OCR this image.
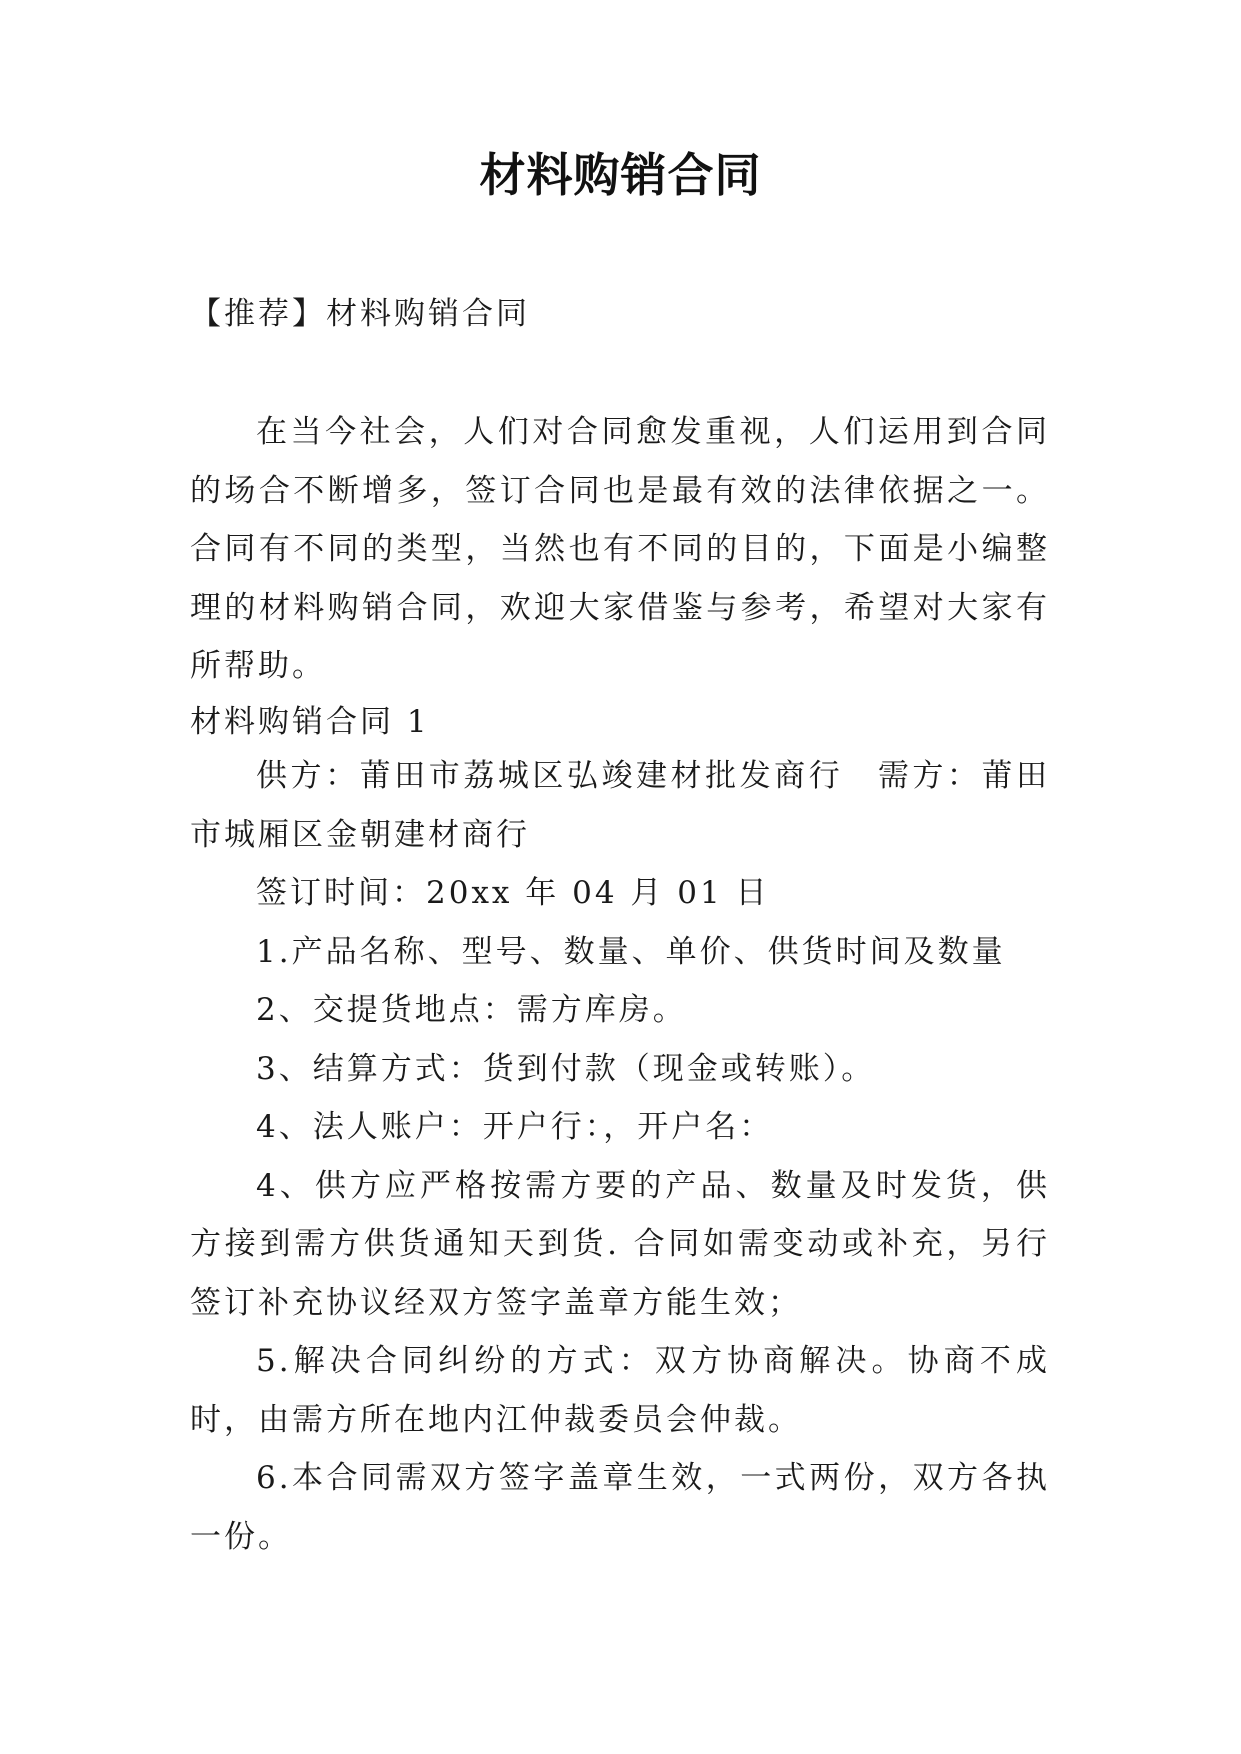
材料购销合同
【推荐】材料购销合同
在当今社会，人们对合同愈发重视，人们运用到合同的场合不断增多，签订合同也是最有效的法律依据之一。合同有不同的类型，当然也有不同的目的，下面是小编整理的材料购销合同，欢迎大家借鉴与参考，希望对大家有所帮助。
材料购销合同 1

供方：莆田市荔城区弘竣建材批发商行　需方：莆田市城厢区金朝建材商行

签订时间：20xx 年 04 月 01 日

1.产品名称、型号、数量、单价、供货时间及数量

2、交提货地点：需方库房。

3、结算方式：货到付款（现金或转账）。

4、法人账户：开户行：，开户名：

4、供方应严格按需方要的产品、数量及时发货，供方接到需方供货通知天到货. 合同如需变动或补充，另行签订补充协议经双方签字盖章方能生效；

5.解决合同纠纷的方式：双方协商解决。协商不成时，由需方所在地内江仲裁委员会仲裁。

6.本合同需双方签字盖章生效，一式两份，双方各执一份。
